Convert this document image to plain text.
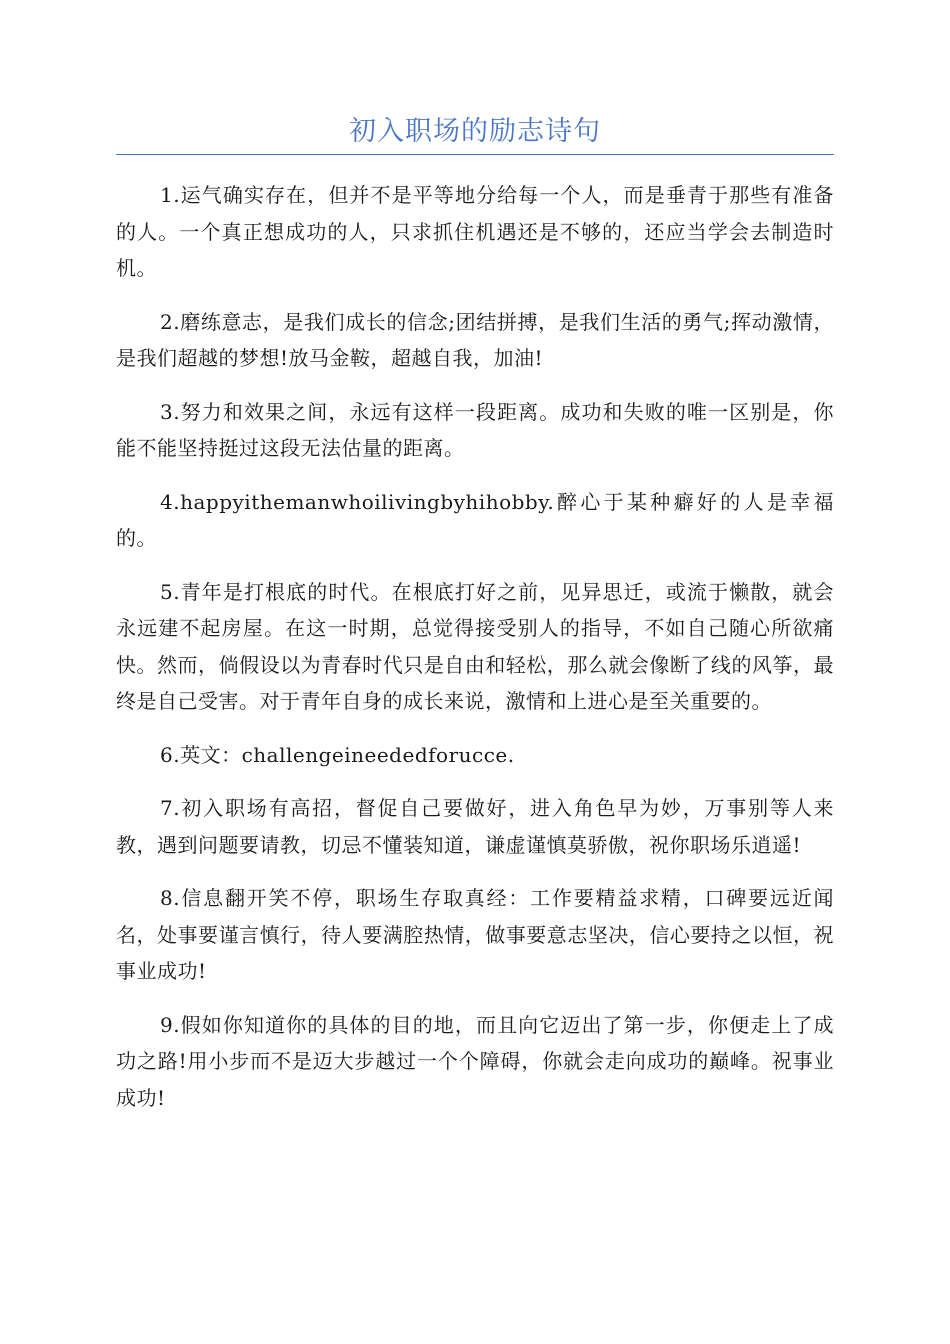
初入职场的励志诗句

1.运气确实存在，但并不是平等地分给每一个人，而是垂青于那些有准备的人。一个真正想成功的人，只求抓住机遇还是不够的，还应当学会去制造时机。

2.磨练意志，是我们成长的信念;团结拼搏，是我们生活的勇气;挥动激情，是我们超越的梦想!放马金鞍，超越自我，加油!

3.努力和效果之间，永远有这样一段距离。成功和失败的唯一区别是，你能不能坚持挺过这段无法估量的距离。

4.happyithemanwhoilivingbyhihobby.醉心于某种癖好的人是幸福的。

5.青年是打根底的时代。在根底打好之前，见异思迁，或流于懒散，就会永远建不起房屋。在这一时期，总觉得接受别人的指导，不如自己随心所欲痛快。然而，倘假设以为青春时代只是自由和轻松，那么就会像断了线的风筝，最终是自己受害。对于青年自身的成长来说，激情和上进心是至关重要的。

6.英文：challengeineededforucce.

7.初入职场有高招，督促自己要做好，进入角色早为妙，万事别等人来教，遇到问题要请教，切忌不懂装知道，谦虚谨慎莫骄傲，祝你职场乐逍遥!

8.信息翻开笑不停，职场生存取真经：工作要精益求精，口碑要远近闻名，处事要谨言慎行，待人要满腔热情，做事要意志坚决，信心要持之以恒，祝事业成功!

9.假如你知道你的具体的目的地，而且向它迈出了第一步，你便走上了成功之路!用小步而不是迈大步越过一个个障碍，你就会走向成功的巅峰。祝事业成功!
